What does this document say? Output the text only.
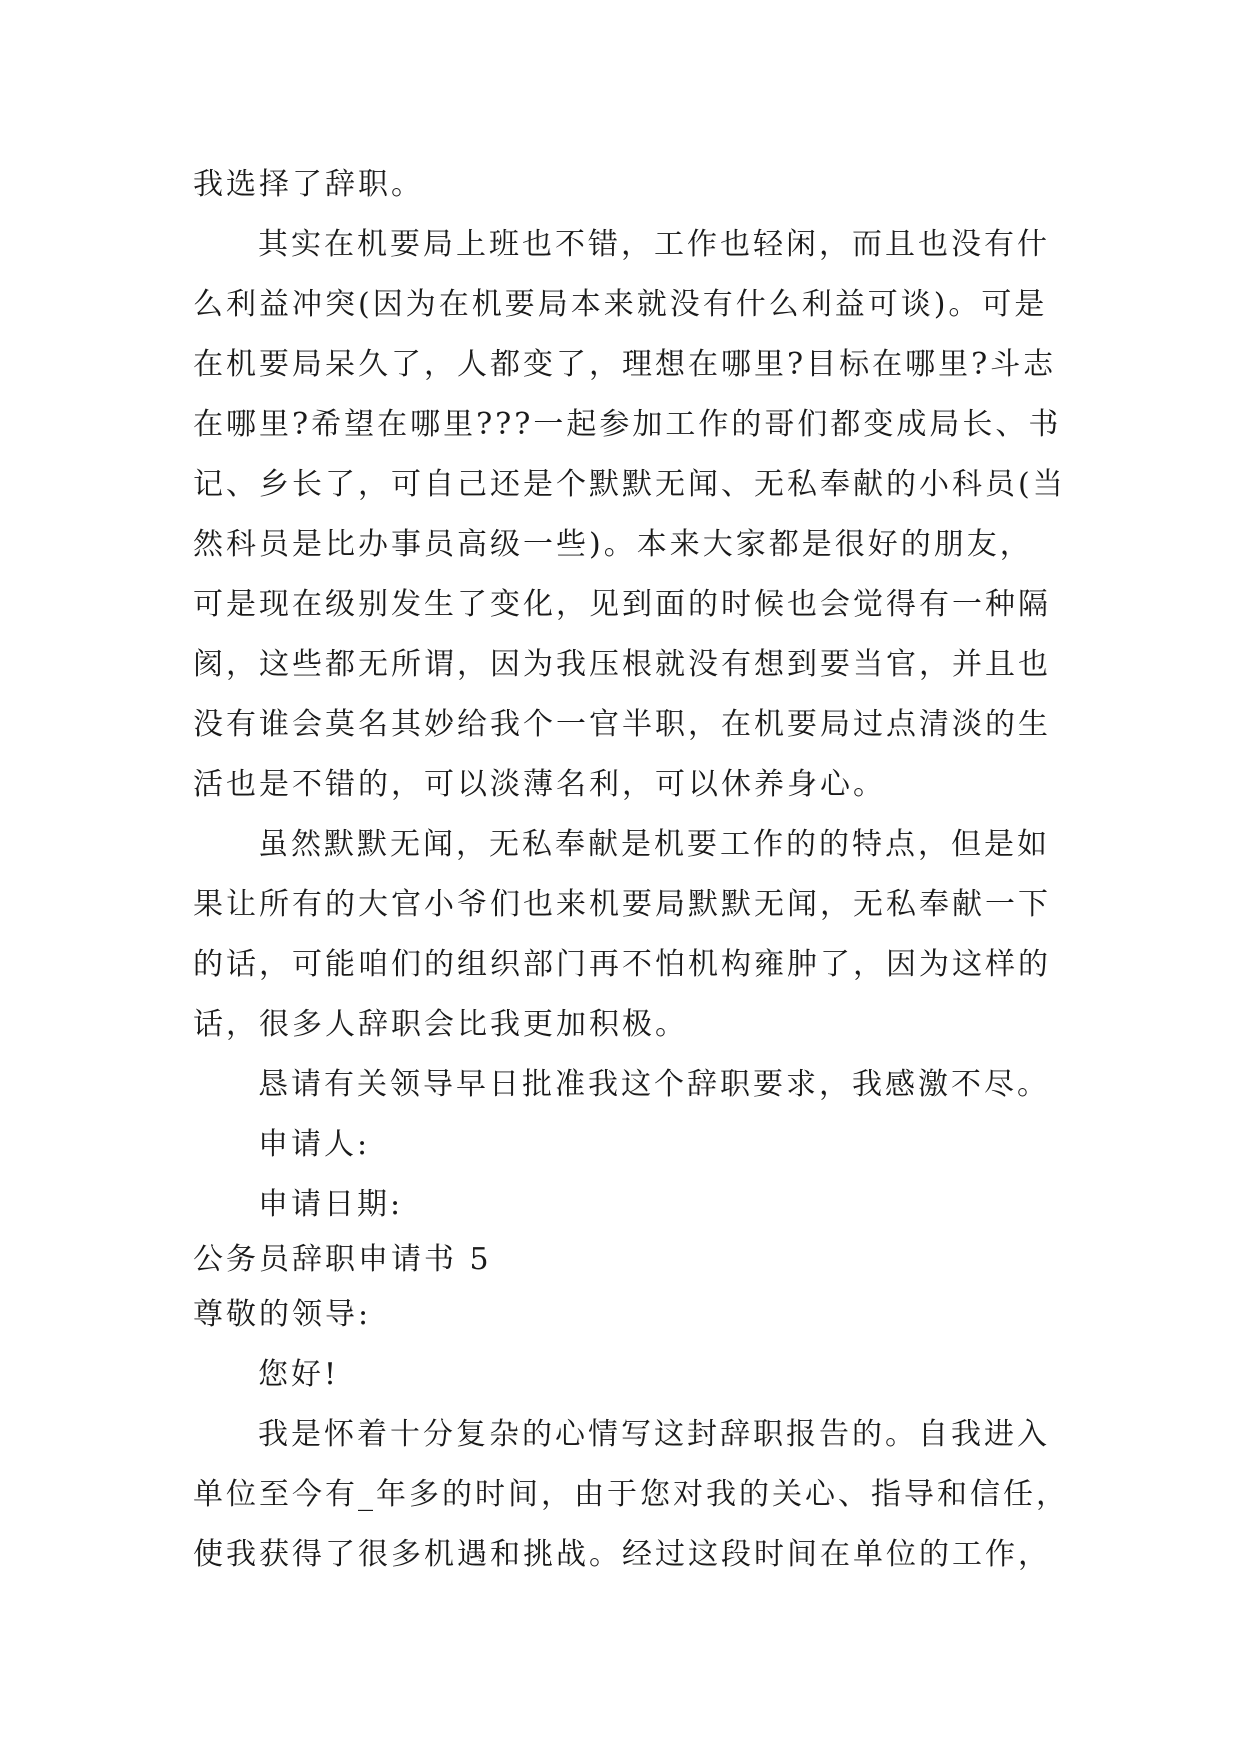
我选择了辞职。
其实在机要局上班也不错，工作也轻闲，而且也没有什
么利益冲突(因为在机要局本来就没有什么利益可谈)。可是
在机要局呆久了，人都变了，理想在哪里?目标在哪里?斗志
在哪里?希望在哪里???一起参加工作的哥们都变成局长、书
记、乡长了，可自己还是个默默无闻、无私奉献的小科员(当
然科员是比办事员高级一些)。本来大家都是很好的朋友，
可是现在级别发生了变化，见到面的时候也会觉得有一种隔
阂，这些都无所谓，因为我压根就没有想到要当官，并且也
没有谁会莫名其妙给我个一官半职，在机要局过点清淡的生
活也是不错的，可以淡薄名利，可以休养身心。
虽然默默无闻，无私奉献是机要工作的的特点，但是如
果让所有的大官小爷们也来机要局默默无闻，无私奉献一下
的话，可能咱们的组织部门再不怕机构雍肿了，因为这样的
话，很多人辞职会比我更加积极。
恳请有关领导早日批准我这个辞职要求，我感激不尽。
申请人:
申请日期:
公务员辞职申请书 5
尊敬的领导:
您好!
我是怀着十分复杂的心情写这封辞职报告的。自我进入
单位至今有_年多的时间，由于您对我的关心、指导和信任，
使我获得了很多机遇和挑战。经过这段时间在单位的工作，
